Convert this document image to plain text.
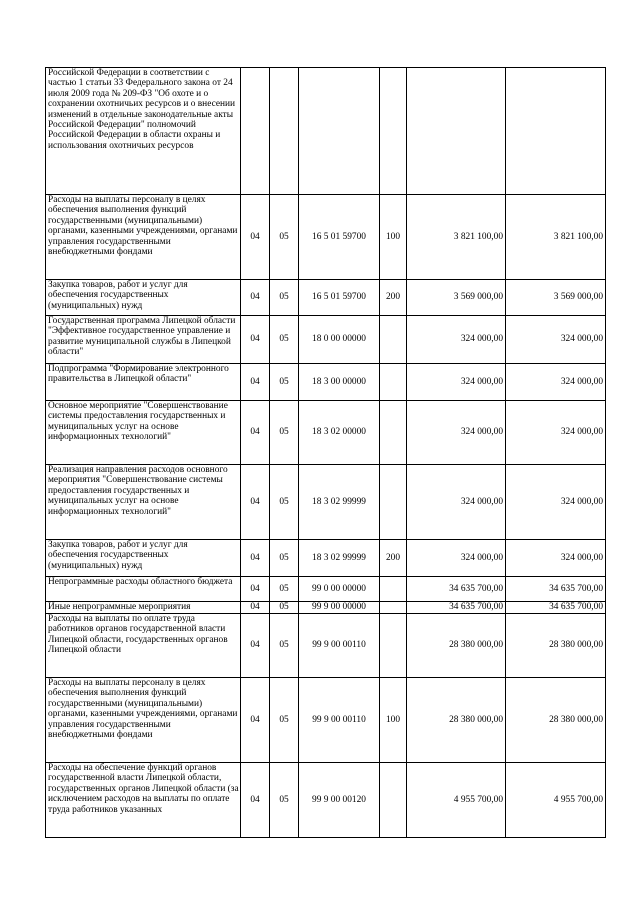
Российской Федерации в соответствии с частью 1 статьи 33 Федерального закона от 24 июля 2009 года № 209-ФЗ "Об охоте и о сохранении охотничьих ресурсов и о внесении изменений в отдельные законодательные акты Российской Федерации" полномочий Российской Федерации в области охраны и использования охотничьих ресурсов						
Расходы на выплаты персоналу в целях обеспечения выполнения функций государственными (муниципальными) органами, казенными учреждениями, органами управления государственными внебюджетными фондами	04	05	16 5 01 59700	100	3 821 100,00	3 821 100,00
Закупка товаров, работ и услуг для обеспечения государственных (муниципальных) нужд	04	05	16 5 01 59700	200	3 569 000,00	3 569 000,00
Государственная программа Липецкой области "Эффективное государственное управление и развитие муниципальной службы в Липецкой области"	04	05	18 0 00 00000		324 000,00	324 000,00
Подпрограмма "Формирование электронного правительства в Липецкой области"	04	05	18 3 00 00000		324 000,00	324 000,00
Основное мероприятие "Совершенствование системы предоставления государственных и муниципальных услуг на основе информационных технологий"	04	05	18 3 02 00000		324 000,00	324 000,00
Реализация направления расходов основного мероприятия "Совершенствование системы предоставления государственных и муниципальных услуг на основе информационных технологий"	04	05	18 3 02 99999		324 000,00	324 000,00
Закупка товаров, работ и услуг для обеспечения государственных (муниципальных) нужд	04	05	18 3 02 99999	200	324 000,00	324 000,00
Непрограммные расходы областного бюджета	04	05	99 0 00 00000		34 635 700,00	34 635 700,00
Иные непрограммные мероприятия	04	05	99 9 00 00000		34 635 700,00	34 635 700,00
Расходы на выплаты по оплате труда работников органов государственной власти Липецкой области, государственных органов Липецкой области	04	05	99 9 00 00110		28 380 000,00	28 380 000,00
Расходы на выплаты персоналу в целях обеспечения выполнения функций государственными (муниципальными) органами, казенными учреждениями, органами управления государственными внебюджетными фондами	04	05	99 9 00 00110	100	28 380 000,00	28 380 000,00
Расходы на обеспечение функций органов государственной власти Липецкой области, государственных органов Липецкой области (за исключением расходов на выплаты по оплате труда работников указанных	04	05	99 9 00 00120		4 955 700,00	4 955 700,00
